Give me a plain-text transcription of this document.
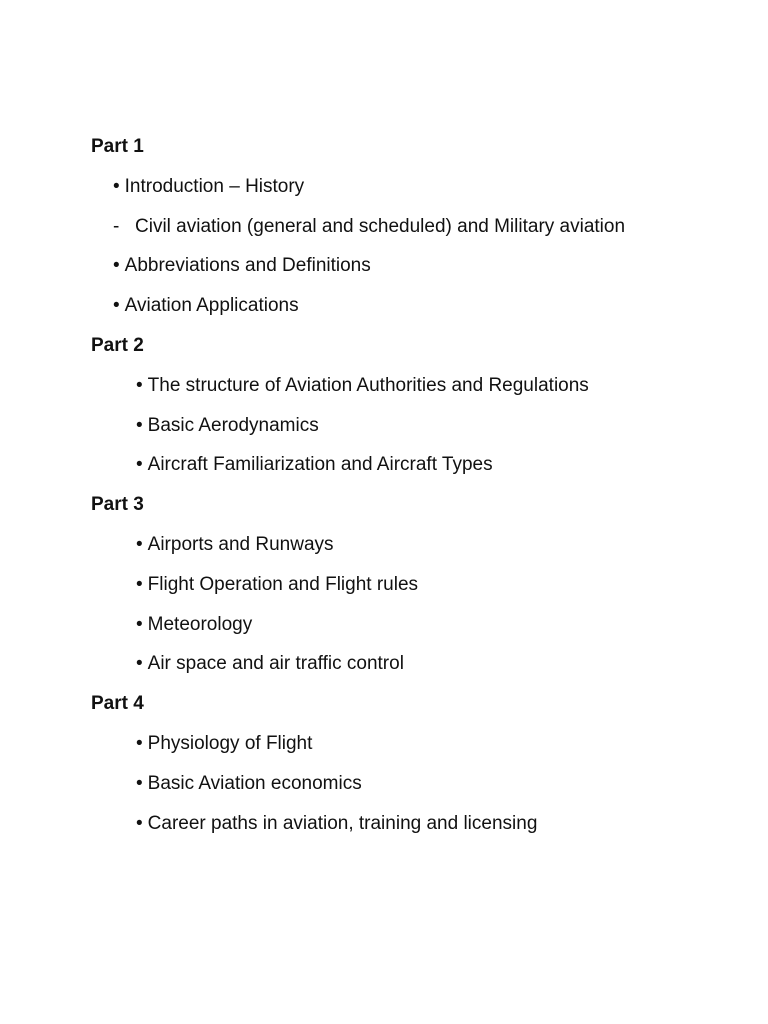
Part 1
• Introduction – History
- Civil aviation (general and scheduled) and Military aviation
• Abbreviations and Definitions
• Aviation Applications
Part 2
• The structure of Aviation Authorities and Regulations
• Basic Aerodynamics
• Aircraft Familiarization and Aircraft Types
Part 3
• Airports and Runways
• Flight Operation and Flight rules
• Meteorology
• Air space and air traffic control
Part 4
• Physiology of Flight
• Basic Aviation economics
• Career paths in aviation, training and licensing
